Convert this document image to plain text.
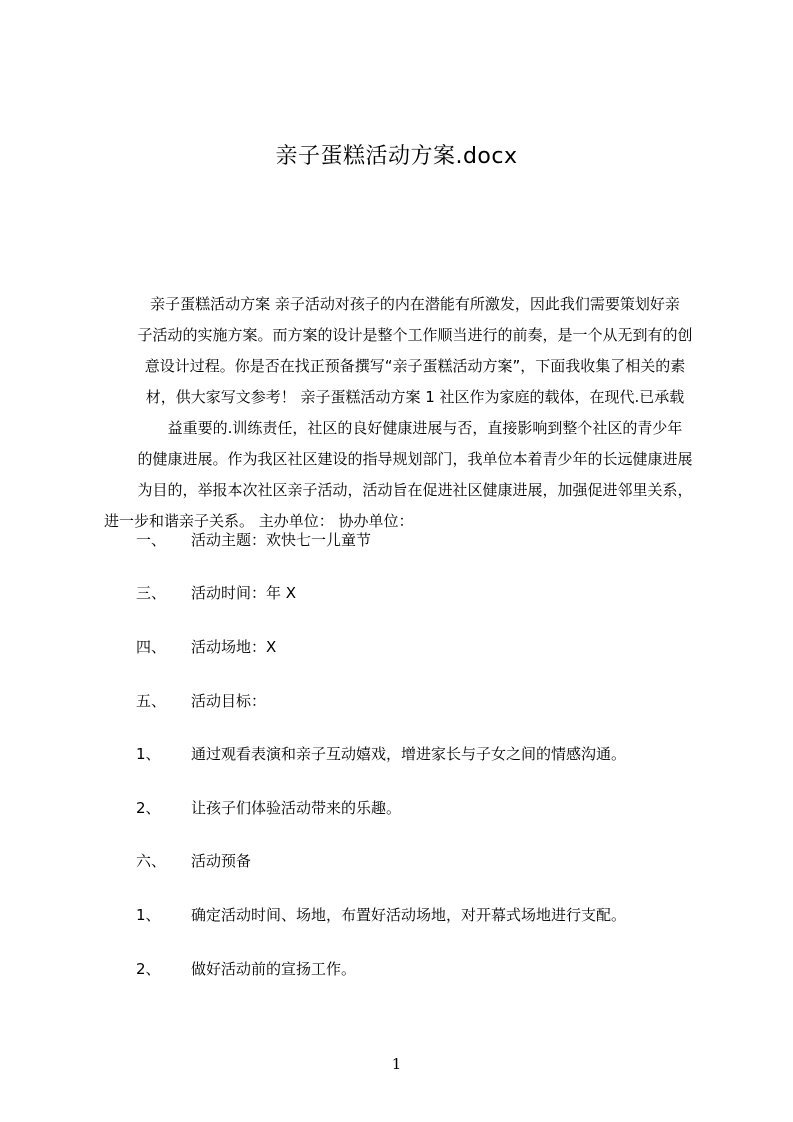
亲子蛋糕活动方案.docx

亲子蛋糕活动方案 亲子活动对孩子的内在潜能有所激发，因此我们需要策划好亲

子活动的实施方案。而方案的设计是整个工作顺当进行的前奏，是一个从无到有的创

意设计过程。你是否在找正预备撰写“亲子蛋糕活动方案”，下面我收集了相关的素

材，供大家写文参考！ 亲子蛋糕活动方案 1 社区作为家庭的载体，在现代.已承载

益重要的.训练责任，社区的良好健康进展与否，直接影响到整个社区的青少年

的健康进展。作为我区社区建设的指导规划部门，我单位本着青少年的长远健康进展

为目的，举报本次社区亲子活动，活动旨在促进社区健康进展，加强促进邻里关系，

进一步和谐亲子关系。 主办单位： 协办单位：

一、 活动主题：欢快七一儿童节
三、 活动时间：年 X
四、 活动场地：X
五、 活动目标：
1、 通过观看表演和亲子互动嬉戏，增进家长与子女之间的情感沟通。
2、 让孩子们体验活动带来的乐趣。
六、 活动预备
1、 确定活动时间、场地，布置好活动场地，对开幕式场地进行支配。
2、 做好活动前的宣扬工作。
1
